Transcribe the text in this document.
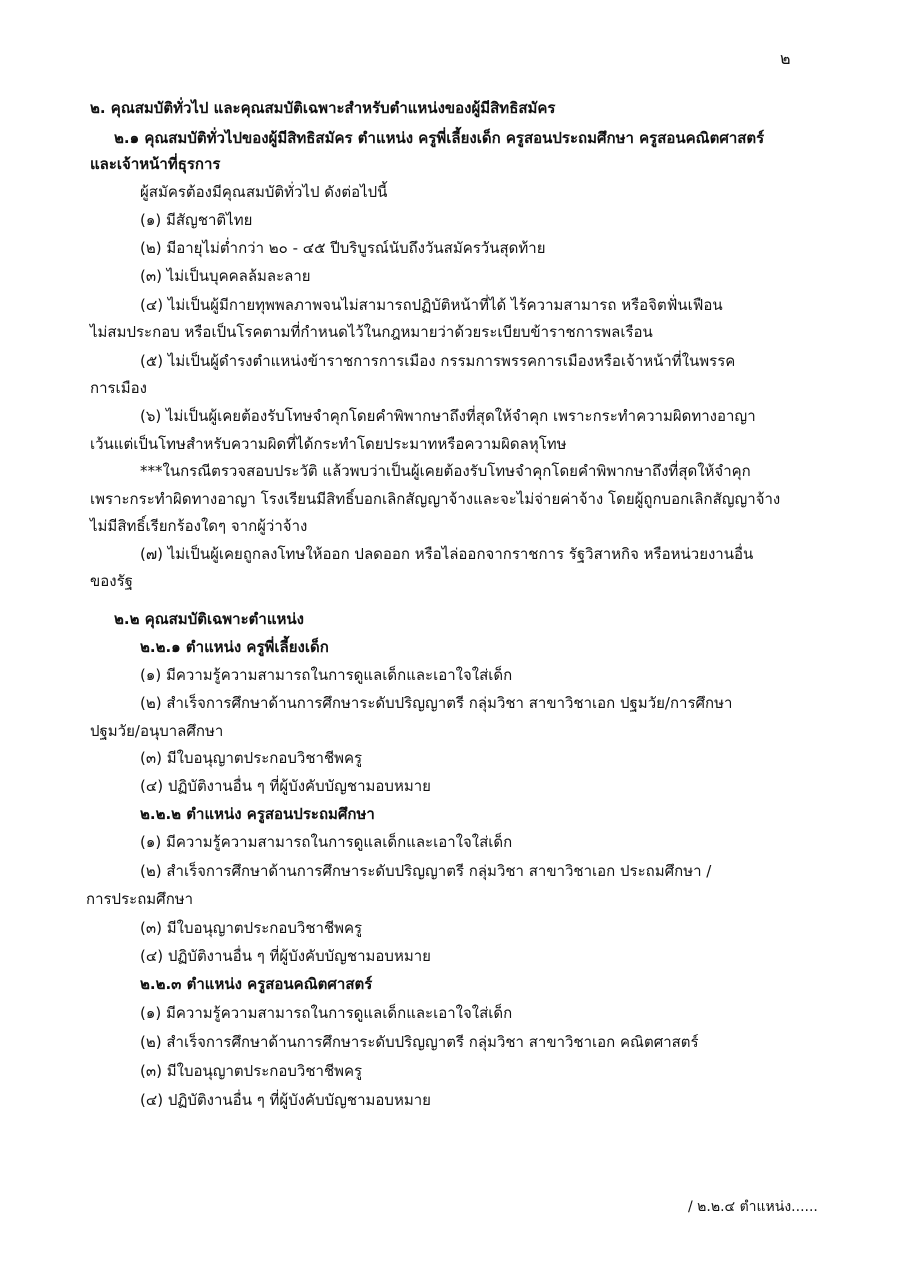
๒
๒. คุณสมบัติทั่วไป และคุณสมบัติเฉพาะสำหรับตำแหน่งของผู้มีสิทธิสมัคร
๒.๑ คุณสมบัติทั่วไปของผู้มีสิทธิสมัคร ตำแหน่ง ครูพี่เลี้ยงเด็ก ครูสอนประถมศึกษา ครูสอนคณิตศาสตร์
และเจ้าหน้าที่ธุรการ
ผู้สมัครต้องมีคุณสมบัติทั่วไป ดังต่อไปนี้
(๑) มีสัญชาติไทย
(๒) มีอายุไม่ต่ำกว่า ๒๐ - ๔๕ ปีบริบูรณ์นับถึงวันสมัครวันสุดท้าย
(๓) ไม่เป็นบุคคลล้มละลาย
(๔) ไม่เป็นผู้มีกายทุพพลภาพจนไม่สามารถปฏิบัติหน้าที่ได้ ไร้ความสามารถ หรือจิตฟั่นเฟือน
ไม่สมประกอบ หรือเป็นโรคตามที่กำหนดไว้ในกฎหมายว่าด้วยระเบียบข้าราชการพลเรือน
(๕) ไม่เป็นผู้ดำรงตำแหน่งข้าราชการการเมือง กรรมการพรรคการเมืองหรือเจ้าหน้าที่ในพรรค
การเมือง
(๖) ไม่เป็นผู้เคยต้องรับโทษจำคุกโดยคำพิพากษาถึงที่สุดให้จำคุก เพราะกระทำความผิดทางอาญา
เว้นแต่เป็นโทษสำหรับความผิดที่ได้กระทำโดยประมาทหรือความผิดลหุโทษ
***ในกรณีตรวจสอบประวัติ แล้วพบว่าเป็นผู้เคยต้องรับโทษจำคุกโดยคำพิพากษาถึงที่สุดให้จำคุก
เพราะกระทำผิดทางอาญา โรงเรียนมีสิทธิ์บอกเลิกสัญญาจ้างและจะไม่จ่ายค่าจ้าง โดยผู้ถูกบอกเลิกสัญญาจ้าง
ไม่มีสิทธิ์เรียกร้องใดๆ จากผู้ว่าจ้าง
(๗) ไม่เป็นผู้เคยถูกลงโทษให้ออก ปลดออก หรือไล่ออกจากราชการ รัฐวิสาหกิจ หรือหน่วยงานอื่น
ของรัฐ
๒.๒ คุณสมบัติเฉพาะตำแหน่ง
๒.๒.๑ ตำแหน่ง ครูพี่เลี้ยงเด็ก
(๑) มีความรู้ความสามารถในการดูแลเด็กและเอาใจใส่เด็ก
(๒) สำเร็จการศึกษาด้านการศึกษาระดับปริญญาตรี กลุ่มวิชา สาขาวิชาเอก ปฐมวัย/การศึกษา
ปฐมวัย/อนุบาลศึกษา
(๓) มีใบอนุญาตประกอบวิชาชีพครู
(๔) ปฏิบัติงานอื่น ๆ ที่ผู้บังคับบัญชามอบหมาย
๒.๒.๒ ตำแหน่ง ครูสอนประถมศึกษา
(๑) มีความรู้ความสามารถในการดูแลเด็กและเอาใจใส่เด็ก
(๒) สำเร็จการศึกษาด้านการศึกษาระดับปริญญาตรี กลุ่มวิชา สาขาวิชาเอก ประถมศึกษา /
การประถมศึกษา
(๓) มีใบอนุญาตประกอบวิชาชีพครู
(๔) ปฏิบัติงานอื่น ๆ ที่ผู้บังคับบัญชามอบหมาย
๒.๒.๓ ตำแหน่ง ครูสอนคณิตศาสตร์
(๑) มีความรู้ความสามารถในการดูแลเด็กและเอาใจใส่เด็ก
(๒) สำเร็จการศึกษาด้านการศึกษาระดับปริญญาตรี กลุ่มวิชา สาขาวิชาเอก คณิตศาสตร์
(๓) มีใบอนุญาตประกอบวิชาชีพครู
(๔) ปฏิบัติงานอื่น ๆ ที่ผู้บังคับบัญชามอบหมาย
/ ๒.๒.๔ ตำแหน่ง......
